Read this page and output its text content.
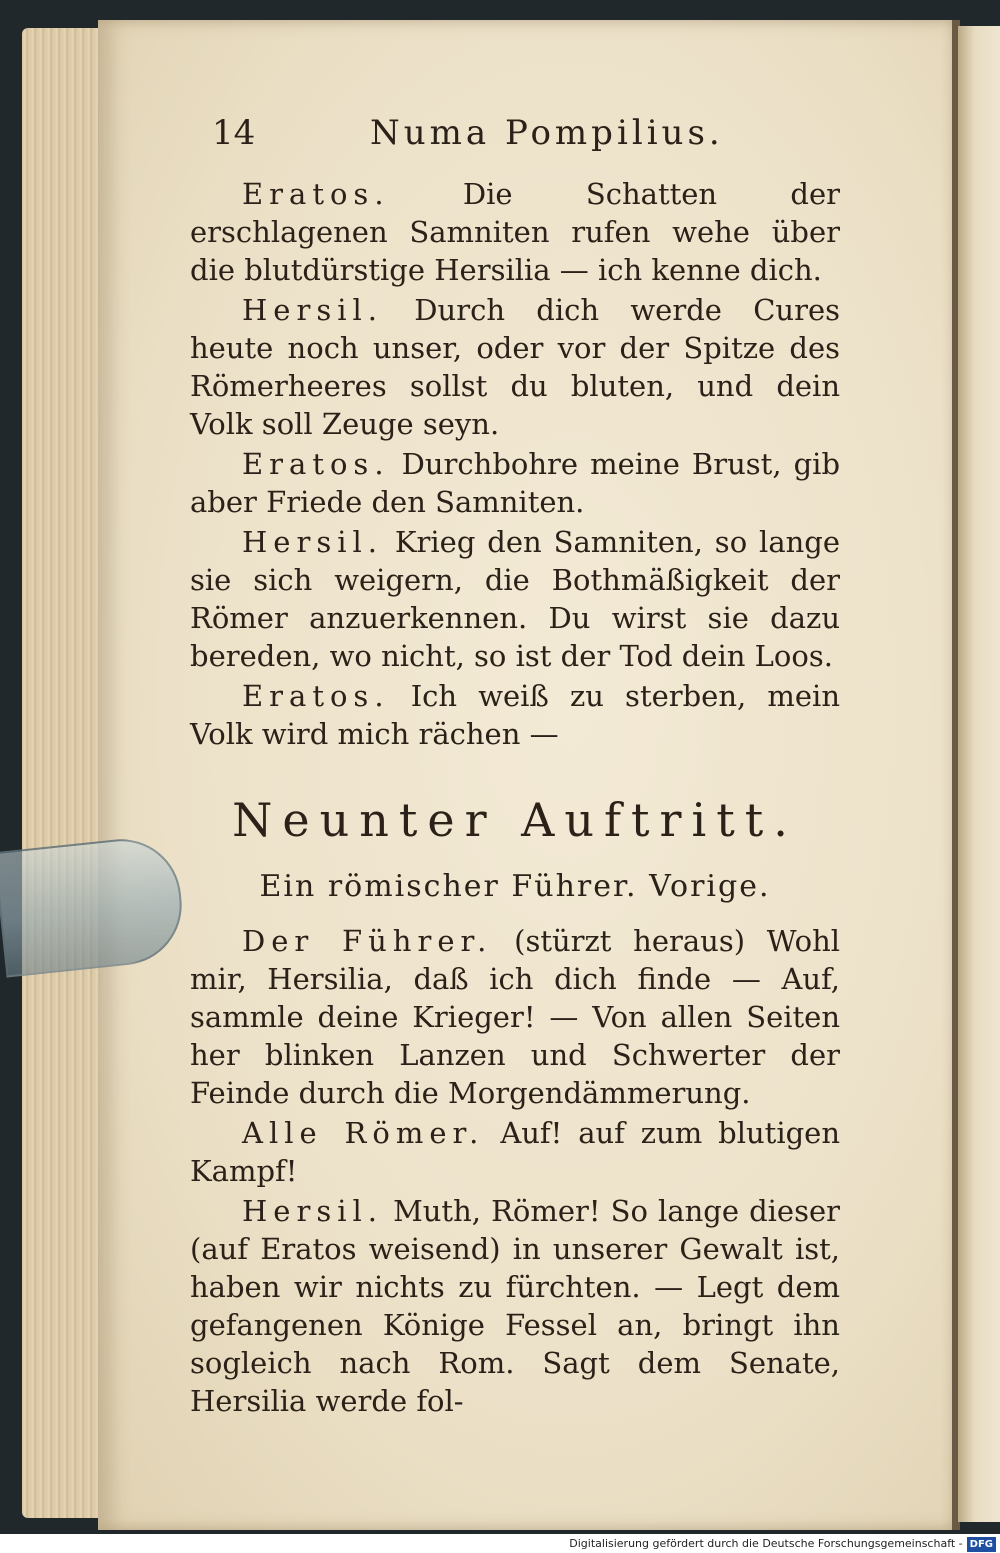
14	Numa Pompilius.

Eratos.	Die Schatten der erschlagenen Samniten rufen wehe über die blutdürstige Hersilia — ich kenne dich.

Hersil. Durch dich werde Cures heute noch unser, oder vor der Spitze des Römerheeres sollst du bluten, und dein Volk soll Zeuge seyn.

Eratos. Durchbohre meine Brust, gib aber Friede den Samniten.

Hersil. Krieg den Samniten, so lange sie sich weigern, die Bothmäßigkeit der Römer anzuerkennen. Du wirst sie dazu bereden, wo nicht, so ist der Tod dein Loos.

Eratos. Ich weiß zu sterben, mein Volk wird mich rächen —

Neunter Auftritt.
Ein römischer Führer. Vorige.

Der Führer. (stürzt heraus) Wohl mir, Hersilia, daß ich dich finde — Auf, sammle deine Krieger! — Von allen Seiten her blinken Lanzen und Schwerter der Feinde durch die Morgendämmerung.

Alle Römer. Auf! auf zum blutigen Kampf!

Hersil. Muth, Römer! So lange dieser (auf Eratos weisend) in unserer Gewalt ist, haben wir nichts zu fürchten. — Legt dem gefangenen Könige Fessel an, bringt ihn sogleich nach Rom. Sagt dem Senate, Hersilia werde fol-

Digitalisierung gefördert durch die Deutsche Forschungsgemeinschaft - DFG
